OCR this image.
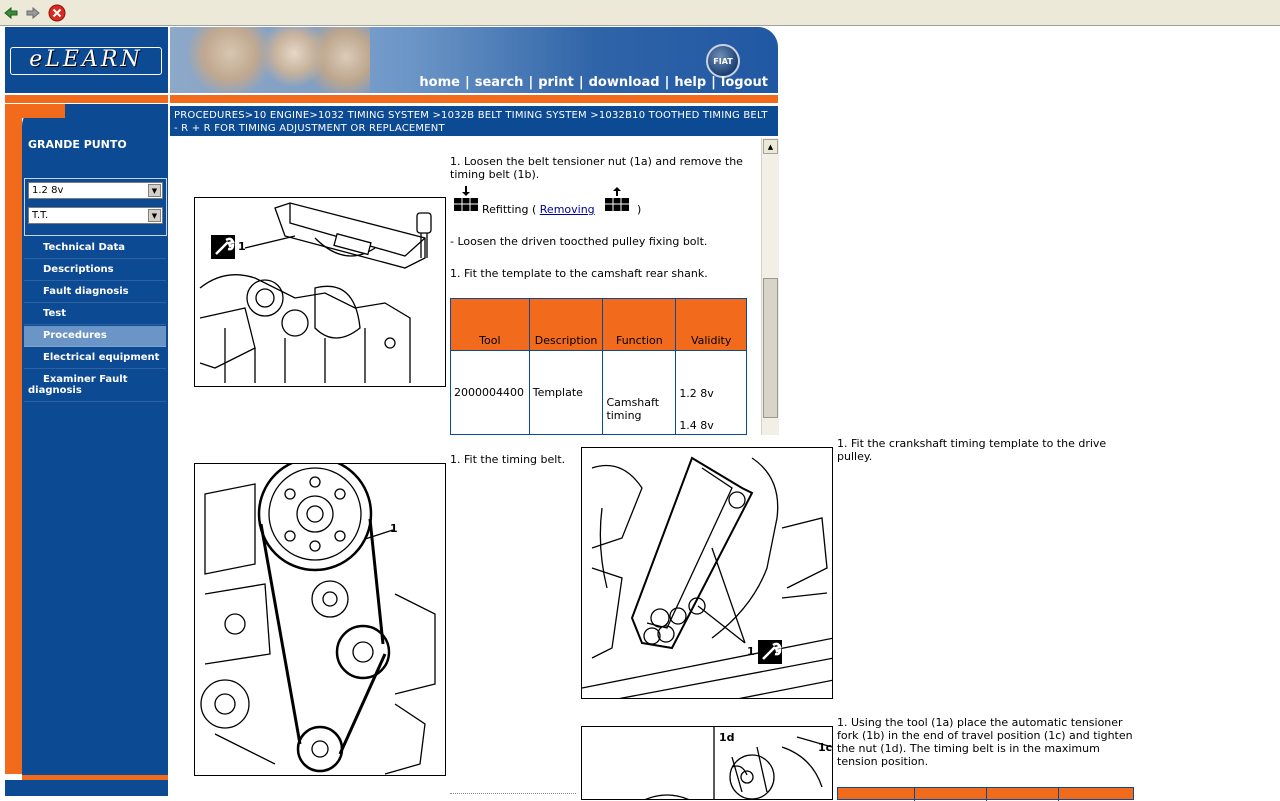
eLEARN	FIAT
home | search | print | download | help | logout
PROCEDURES>10 ENGINE>1032 TIMING SYSTEM >1032B BELT TIMING SYSTEM >1032B10 TOOTHED TIMING BELT - R + R FOR TIMING ADJUSTMENT OR REPLACEMENT
GRANDE PUNTO
1.2 8v	▼
T.T.	▼
Technical Data
Descriptions
Fault diagnosis
Test
Procedures
Electrical equipment
Examiner Fault diagnosis
1
1. Loosen the belt tensioner nut (1a) and remove the timing belt (1b).
Refitting ( Removing	)
- Loosen the driven toocthed pulley fixing bolt.
1. Fit the template to the camshaft rear shank.
Tool	Description	Function	Validity
2000004400	Template	Camshaft timing	1.2 8v
1.4 8v
▲
1
1. Fit the timing belt.
1
1. Fit the crankshaft timing template to the drive pulley.
1d
1c
1. Using the tool (1a) place the automatic tensioner fork (1b) in the end of travel position (1c) and tighten the nut (1d). The timing belt is in the maximum tension position.
